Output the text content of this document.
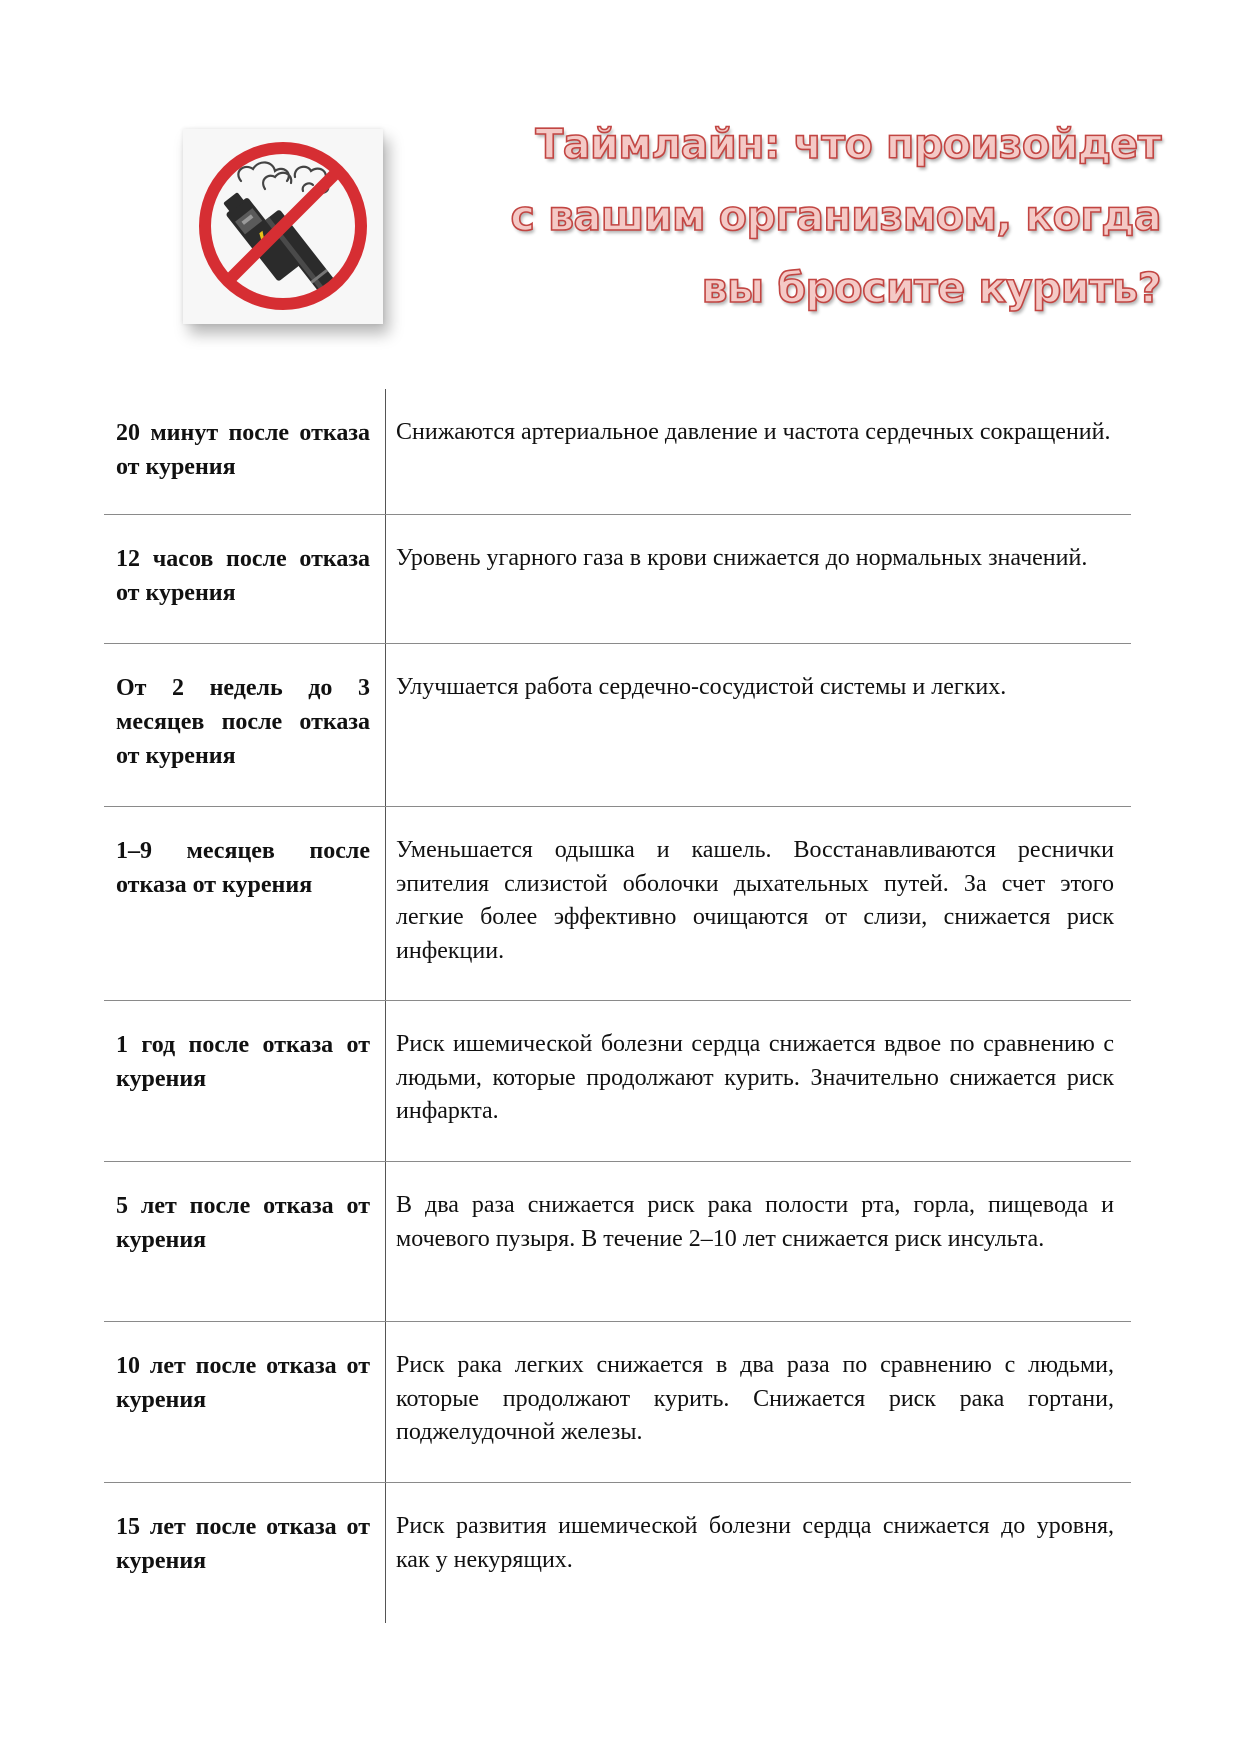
Таймлайн: что произойдет
с вашим организмом, когда
вы бросите курить?
20 минут после отказа от курения
Снижаются артериальное давление и частота сердечных сокращений.
12 часов после отказа от курения
Уровень угарного газа в крови снижается до нормальных значений.
От 2 недель до 3 месяцев после отказа от курения
Улучшается работа сердечно-сосудистой системы и легких.
1–9 месяцев после отказа от курения
Уменьшается одышка и кашель. Восстанавливаются реснички эпителия слизистой оболочки дыхательных путей. За счет этого легкие более эффективно очищаются от слизи, снижается риск инфекции.
1 год после отказа от курения
Риск ишемической болезни сердца снижается вдвое по сравнению с людьми, которые продолжают курить. Значительно снижается риск инфаркта.
5 лет после отказа от курения
В два раза снижается риск рака полости рта, горла, пищевода и мочевого пузыря. В течение 2–10 лет снижается риск инсульта.
10 лет после отказа от курения
Риск рака легких снижается в два раза по сравнению с людьми, которые продолжают курить. Снижается риск рака гортани, поджелудочной железы.
15 лет после отказа от курения
Риск развития ишемической болезни сердца снижается до уровня, как у некурящих.
